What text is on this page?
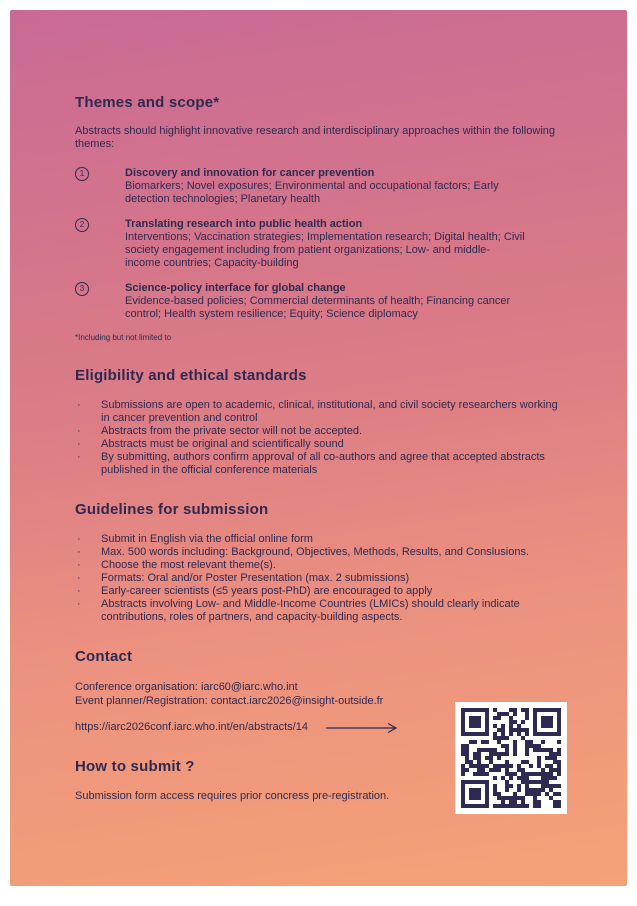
Themes and scope*
Abstracts should highlight innovative research and interdisciplinary approaches within the following themes:
1	Discovery and innovation for cancer prevention
Biomarkers; Novel exposures; Environmental and occupational factors; Early detection technologies; Planetary health
2	Translating research into public health action
Interventions; Vaccination strategies; Implementation research; Digital health; Civil society engagement including from patient organizations; Low- and middle-income countries; Capacity-building
3	Science-policy interface for global change
Evidence-based policies; Commercial determinants of health; Financing cancer control; Health system resilience; Equity; Science diplomacy
*Including but not limited to
Eligibility and ethical standards
·	Submissions are open to academic, clinical, institutional, and civil society researchers working in cancer prevention and control
·	Abstracts from the private sector will not be accepted.
·	Abstracts must be original and scientifically sound
·	By submitting, authors confirm approval of all co-authors and agree that accepted abstracts published in the official conference materials
Guidelines for submission
·	Submit in English via the official online form
·	Max. 500 words including: Background, Objectives, Methods, Results, and Conslusions.
·	Choose the most relevant theme(s).
·	Formats: Oral and/or Poster Presentation (max. 2 submissions)
·	Early-career scientists (≤5 years post-PhD) are encouraged to apply
·	Abstracts involving Low- and Middle-Income Countries (LMICs) should clearly indicate contributions, roles of partners, and capacity-building aspects.
Contact
Conference organisation: iarc60@iarc.who.int
Event planner/Registration: contact.iarc2026@insight-outside.fr
https://iarc2026conf.iarc.who.int/en/abstracts/14
How to submit ?
Submission form access requires prior concress pre-registration.
